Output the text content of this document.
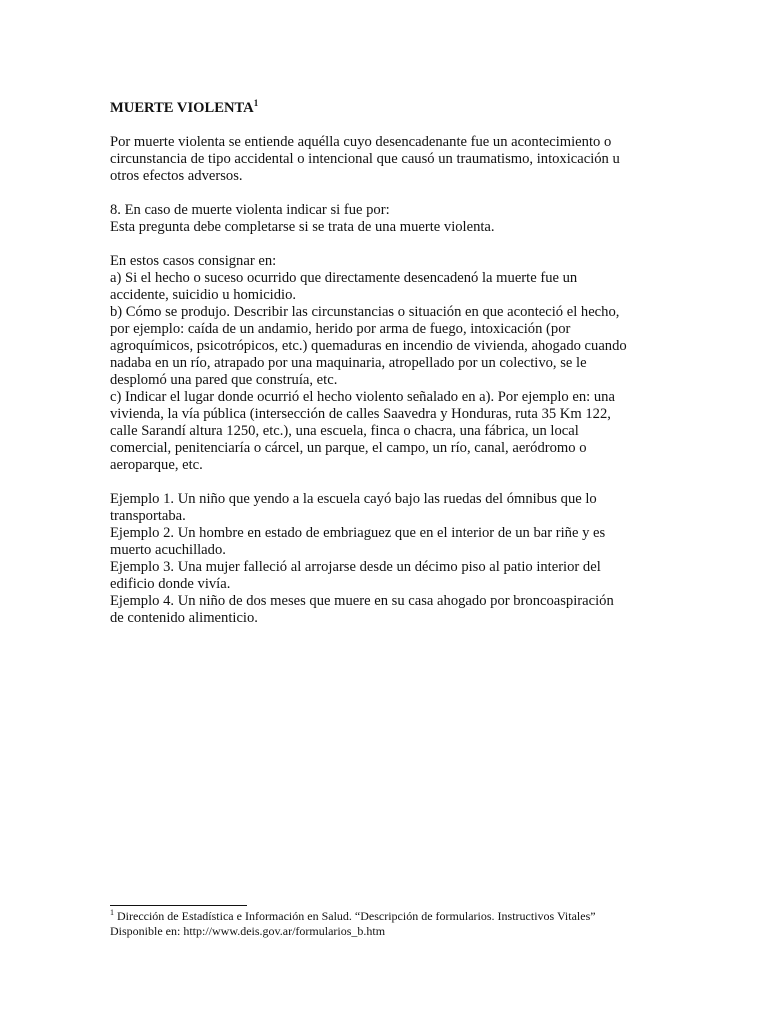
MUERTE VIOLENTA$^1$
Por muerte violenta se entiende aquélla cuyo desencadenante fue un acontecimiento o
circunstancia de tipo accidental o intencional que causó un traumatismo, intoxicación u
otros efectos adversos.
8. En caso de muerte violenta indicar si fue por:
Esta pregunta debe completarse si se trata de una muerte violenta.
En estos casos consignar en:
a) Si el hecho o suceso ocurrido que directamente desencadenó la muerte fue un
accidente, suicidio u homicidio.
b) Cómo se produjo. Describir las circunstancias o situación en que aconteció el hecho,
por ejemplo: caída de un andamio, herido por arma de fuego, intoxicación (por
agroquímicos, psicotrópicos, etc.) quemaduras en incendio de vivienda, ahogado cuando
nadaba en un río, atrapado por una maquinaria, atropellado por un colectivo, se le
desplomó una pared que construía, etc.
c) Indicar el lugar donde ocurrió el hecho violento señalado en a). Por ejemplo en: una
vivienda, la vía pública (intersección de calles Saavedra y Honduras, ruta 35 Km 122,
calle Sarandí altura 1250, etc.), una escuela, finca o chacra, una fábrica, un local
comercial, penitenciaría o cárcel, un parque, el campo, un río, canal, aeródromo o
aeroparque, etc.
Ejemplo 1. Un niño que yendo a la escuela cayó bajo las ruedas del ómnibus que lo
transportaba.
Ejemplo 2. Un hombre en estado de embriaguez que en el interior de un bar riñe y es
muerto acuchillado.
Ejemplo 3. Una mujer falleció al arrojarse desde un décimo piso al patio interior del
edificio donde vivía.
Ejemplo 4. Un niño de dos meses que muere en su casa ahogado por broncoaspiración
de contenido alimenticio.
$^1$ Dirección de Estadística e Información en Salud. “Descripción de formularios. Instructivos Vitales”
Disponible en: http://www.deis.gov.ar/formularios_b.htm
